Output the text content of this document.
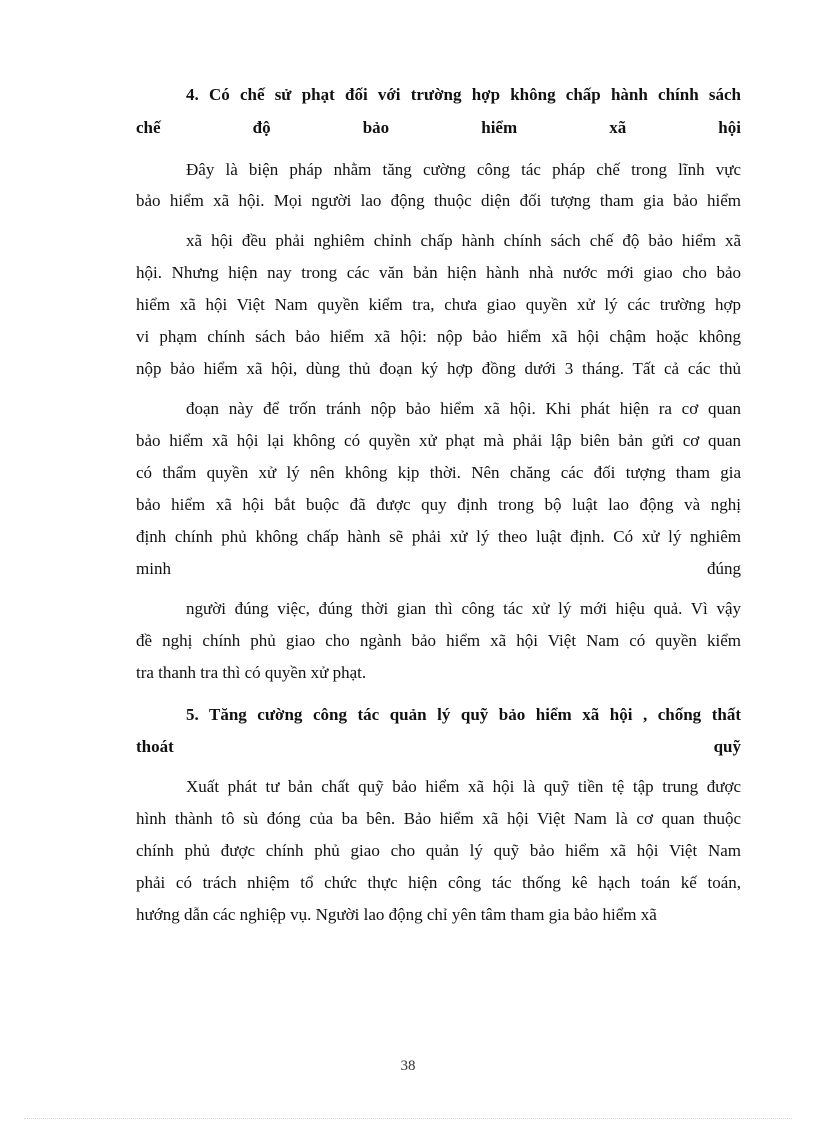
4. Có chế sử phạt đối với trường hợp không chấp hành chính sách
chế độ bảo hiểm xã hội
Đây là biện pháp nhằm tăng cường công tác pháp chế trong lĩnh vực
bảo hiểm xã hội. Mọi người lao động thuộc diện đối tượng tham gia bảo hiểm
xã hội đều phải nghiêm chỉnh chấp hành chính sách chế độ bảo hiểm xã
hội. Nhưng hiện nay trong các văn bản hiện hành nhà nước mới giao cho bảo
hiểm xã hội Việt Nam quyền kiểm tra, chưa giao quyền xử lý các trường hợp
vi phạm chính sách bảo hiểm xã hội: nộp bảo hiểm xã hội chậm hoặc không
nộp bảo hiểm xã hội, dùng thủ đoạn ký hợp đồng dưới 3 tháng. Tất cả các thủ
đoạn này để trốn tránh nộp bảo hiểm xã hội. Khi phát hiện ra cơ quan
bảo hiểm xã hội lại không có quyền xử phạt mà phải lập biên bản gửi cơ quan
có thẩm quyền xử lý nên không kịp thời. Nên chăng các đối tượng tham gia
bảo hiểm xã hội bắt buộc đã được quy định trong bộ luật lao động và nghị
định chính phủ không chấp hành sẽ phải xử lý theo luật định. Có xử lý nghiêm
minh đúng
người đúng việc, đúng thời gian thì công tác xử lý mới hiệu quả. Vì vậy
đề nghị chính phủ giao cho ngành bảo hiểm xã hội Việt Nam có quyền kiểm
tra thanh tra thì có quyền xử phạt.
5. Tăng cường công tác quản lý quỹ bảo hiểm xã hội , chống thất
thoát quỹ
Xuất phát tư bản chất quỹ bảo hiểm xã hội là quỹ tiền tệ tập trung được
hình thành tô sù đóng của ba bên. Bảo hiểm xã hội Việt Nam là cơ quan thuộc
chính phủ được chính phủ giao cho quản lý quỹ bảo hiểm xã hội Việt Nam
phải có trách nhiệm tổ chức thực hiện công tác thống kê hạch toán kế toán,
hướng dẫn các nghiệp vụ. Người lao động chỉ yên tâm tham gia bảo hiểm xã
38
